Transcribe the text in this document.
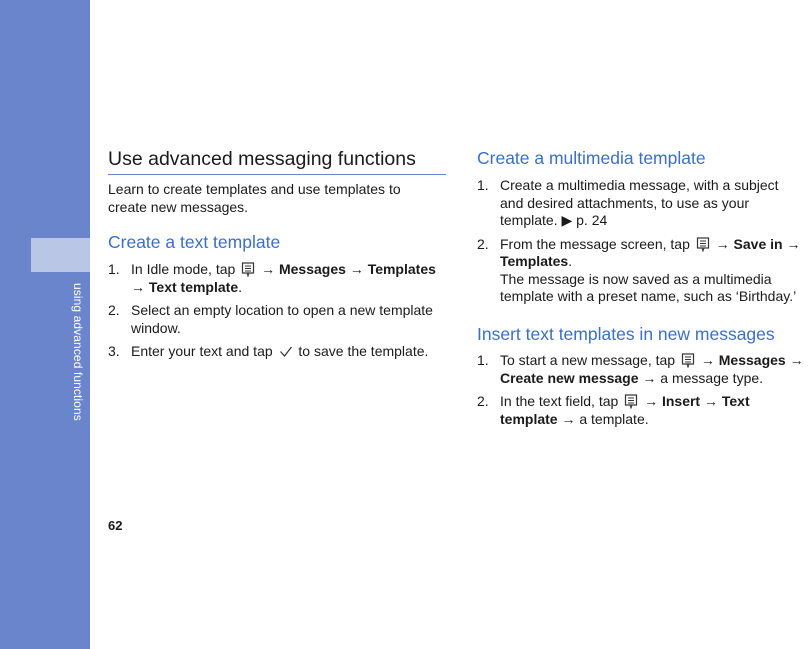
using advanced functions
Use advanced messaging functions
Learn to create templates and use templates to
create new messages.
Create a text template
1. In Idle mode, tap  → Messages → Templates
→ Text template.
2. Select an empty location to open a new template
window.
3. Enter your text and tap  to save the template.
Create a multimedia template
1. Create a multimedia message, with a subject
and desired attachments, to use as your
template. ▶ p. 24
2. From the message screen, tap  → Save in →
Templates.
The message is now saved as a multimedia
template with a preset name, such as ‘Birthday.’
Insert text templates in new messages
1. To start a new message, tap  → Messages →
Create new message → a message type.
2. In the text field, tap  → Insert → Text
template → a template.
62
